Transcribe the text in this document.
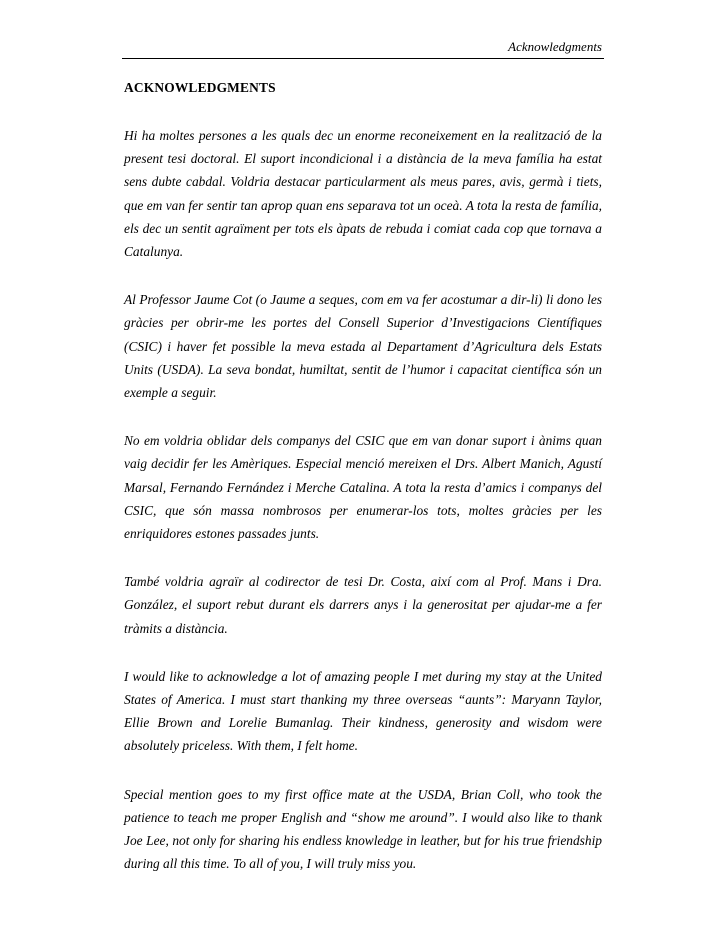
Acknowledgments
ACKNOWLEDGMENTS

Hi ha moltes persones a les quals dec un enorme reconeixement en la realització de la present tesi doctoral. El suport incondicional i a distància de la meva família ha estat sens dubte cabdal. Voldria destacar particularment als meus pares, avis, germà i tiets, que em van fer sentir tan aprop quan ens separava tot un oceà. A tota la resta de família, els dec un sentit agraïment per tots els àpats de rebuda i comiat cada cop que tornava a Catalunya.

Al Professor Jaume Cot (o Jaume a seques, com em va fer acostumar a dir-li) li dono les gràcies per obrir-me les portes del Consell Superior d’Investigacions Científiques (CSIC) i haver fet possible la meva estada al Departament d’Agricultura dels Estats Units (USDA). La seva bondat, humiltat, sentit de l’humor i capacitat científica són un exemple a seguir.

No em voldria oblidar dels companys del CSIC que em van donar suport i ànims quan vaig decidir fer les Amèriques. Especial menció mereixen el Drs. Albert Manich, Agustí Marsal, Fernando Fernández i Merche Catalina. A tota la resta d’amics i companys del CSIC, que són massa nombrosos per enumerar-los tots, moltes gràcies per les enriquidores estones passades junts.

També voldria agraïr al codirector de tesi Dr. Costa, així com al Prof. Mans i Dra. González, el suport rebut durant els darrers anys i la generositat per ajudar-me a fer tràmits a distància.

I would like to acknowledge a lot of amazing people I met during my stay at the United States of America. I must start thanking my three overseas “aunts”: Maryann Taylor, Ellie Brown and Lorelie Bumanlag. Their kindness, generosity and wisdom were absolutely priceless. With them, I felt home.

Special mention goes to my first office mate at the USDA, Brian Coll, who took the patience to teach me proper English and “show me around”. I would also like to thank Joe Lee, not only for sharing his endless knowledge in leather, but for his true friendship during all this time. To all of you, I will truly miss you.
